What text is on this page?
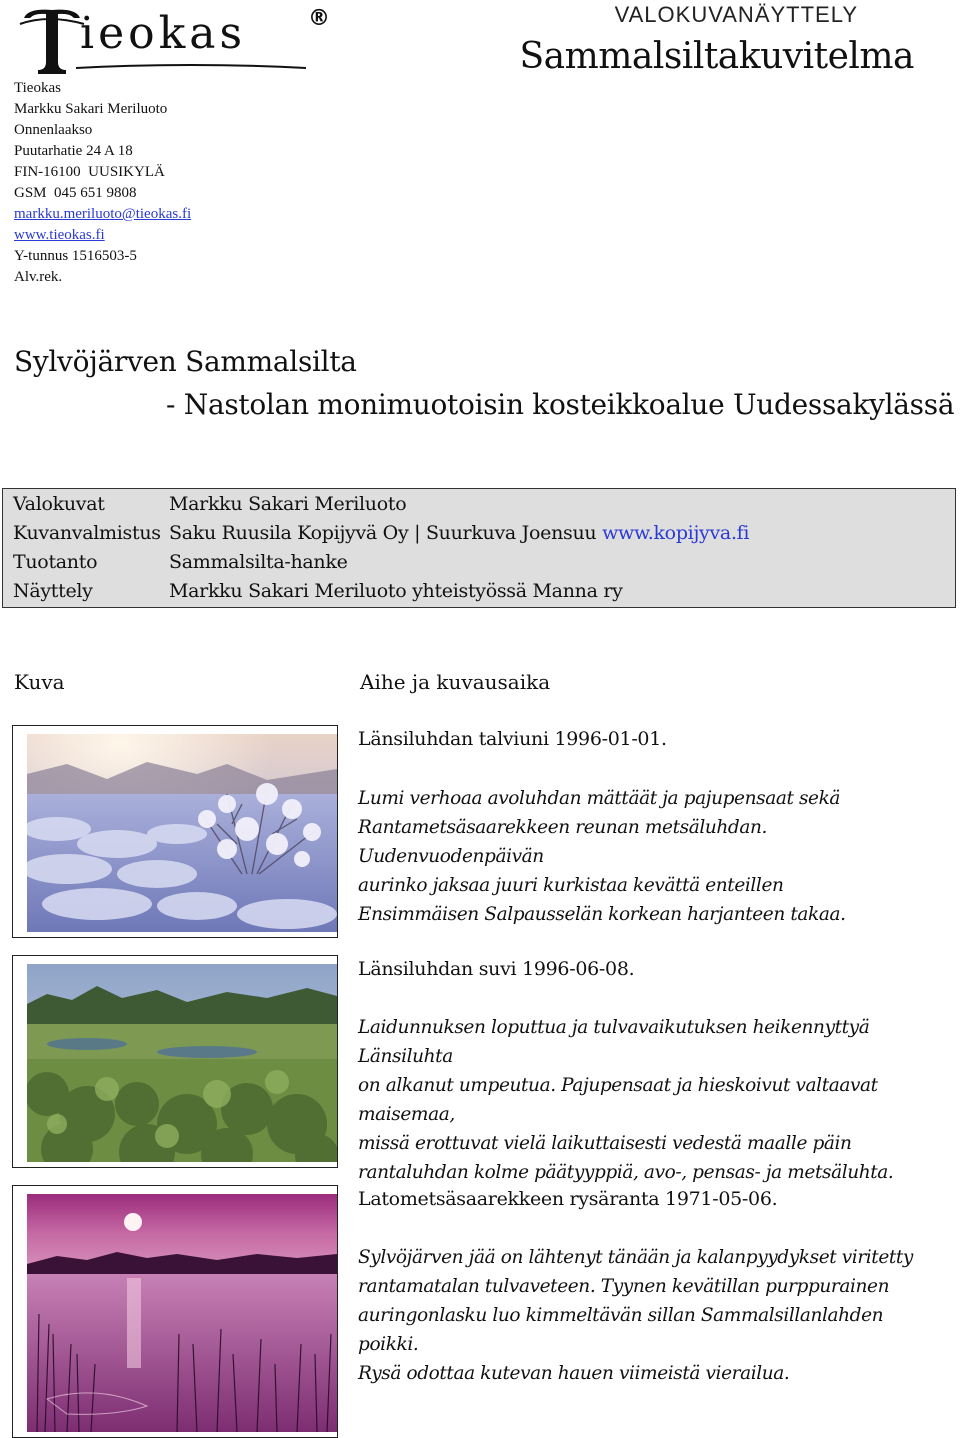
ieokas	®
Tieokas
Markku Sakari Meriluoto
Onnenlaakso
Puutarhatie 24 A 18
FIN-16100  UUSIKYLÄ
GSM  045 651 9808
markku.meriluoto@tieokas.fi
www.tieokas.fi
Y-tunnus 1516503-5
Alv.rek.
VALOKUVANÄYTTELY
Sammalsiltakuvitelma
Sylvöjärven Sammalsilta
- Nastolan monimuotoisin kosteikkoalue Uudessakylässä
Valokuvat	Markku Sakari Meriluoto
Kuvanvalmistus Saku Ruusila Kopijyvä Oy | Suurkuva Joensuu www.kopijyva.fi
Tuotanto	Sammalsilta-hanke
Näyttely	Markku Sakari Meriluoto yhteistyössä Manna ry
Kuva	Aihe ja kuvausaika
Länsiluhdan talviuni 1996-01-01.
Lumi verhoaa avoluhdan mättäät ja pajupensaat sekä
Rantametsäsaarekkeen reunan metsäluhdan. Uudenvuodenpäivän
aurinko jaksaa juuri kurkistaa kevättä enteillen
Ensimmäisen Salpausselän korkean harjanteen takaa.
Länsiluhdan suvi 1996-06-08.
Laidunnuksen loputtua ja tulvavaikutuksen heikennyttyä Länsiluhta
on alkanut umpeutua. Pajupensaat ja hieskoivut valtaavat maisemaa,
missä erottuvat vielä laikuttaisesti vedestä maalle päin
rantaluhdan kolme päätyyppiä, avo-, pensas- ja metsäluhta.
Latometsäsaarekkeen rysäranta 1971-05-06.
Sylvöjärven jää on lähtenyt tänään ja kalanpyydykset viritetty
rantamatalan tulvaveteen. Tyynen kevätillan purppurainen
auringonlasku luo kimmeltävän sillan Sammalsillanlahden poikki.
Rysä odottaa kutevan hauen viimeistä vierailua.
